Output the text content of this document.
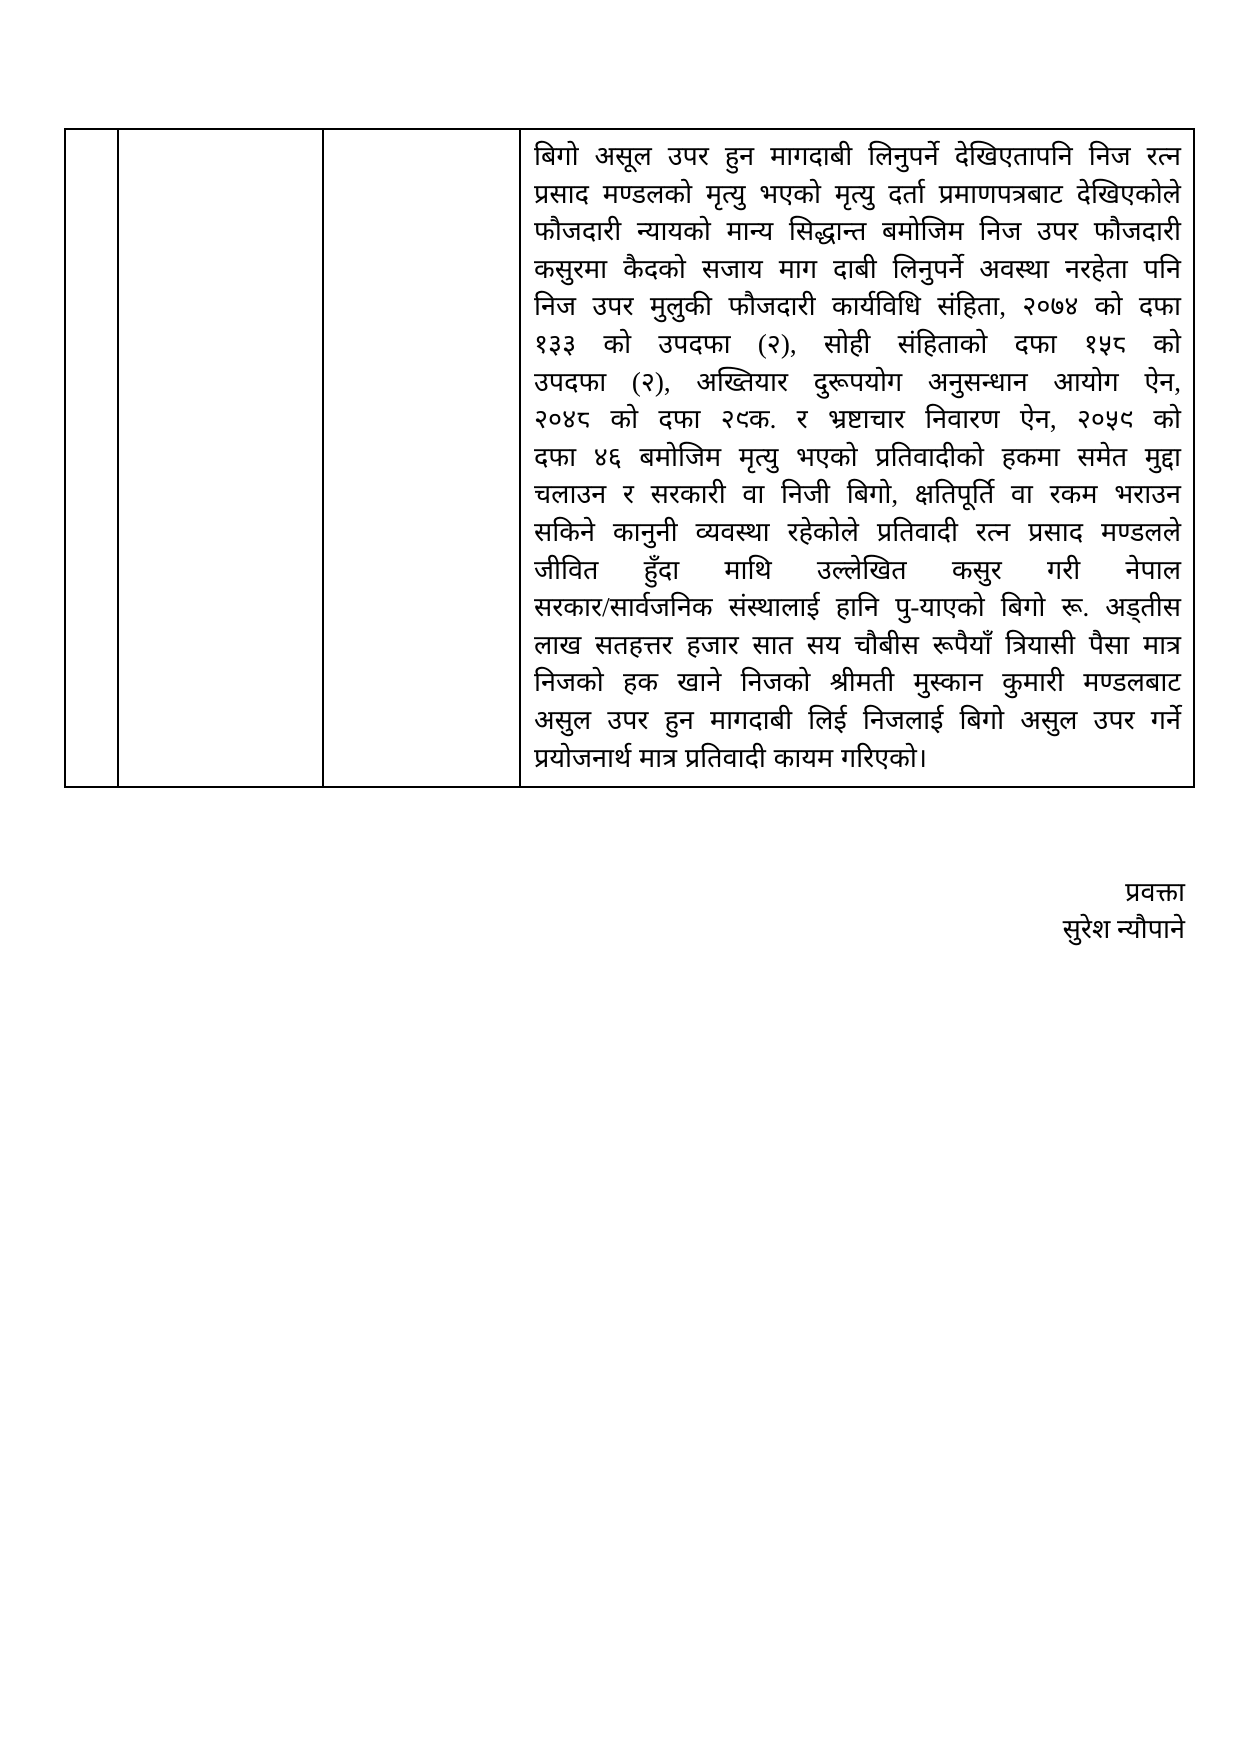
बिगो असूल उपर हुन मागदाबी लिनुपर्ने देखिएतापनि निज रत्न
प्रसाद मण्डलको मृत्यु भएको मृत्यु दर्ता प्रमाणपत्रबाट देखिएकोले
फौजदारी न्यायको मान्य सिद्धान्त बमोजिम निज उपर फौजदारी
कसुरमा कैदको सजाय माग दाबी लिनुपर्ने अवस्था नरहेता पनि
निज उपर मुलुकी फौजदारी कार्यविधि संहिता, २०७४ को दफा
१३३ को उपदफा (२), सोही संहिताको दफा १५८ को
उपदफा (२), अख्तियार दुरूपयोग अनुसन्धान आयोग ऐन,
२०४८ को दफा २९क. र भ्रष्टाचार निवारण ऐन, २०५९ को
दफा ४६ बमोजिम मृत्यु भएको प्रतिवादीको हकमा समेत मुद्दा
चलाउन र सरकारी वा निजी बिगो, क्षतिपूर्ति वा रकम भराउन
सकिने कानुनी व्यवस्था रहेकोले प्रतिवादी रत्न प्रसाद मण्डलले
जीवित हुँदा माथि उल्लेखित कसुर गरी नेपाल
सरकार/सार्वजनिक संस्थालाई हानि पु-याएको बिगो रू. अड्तीस
लाख सतहत्तर हजार सात सय चौबीस रूपैयाँ त्रियासी पैसा मात्र
निजको हक खाने निजको श्रीमती मुस्कान कुमारी मण्डलबाट
असुल उपर हुन मागदाबी लिई निजलाई बिगो असुल उपर गर्ने
प्रयोजनार्थ मात्र प्रतिवादी कायम गरिएको।
प्रवक्ता
सुरेश न्यौपाने
